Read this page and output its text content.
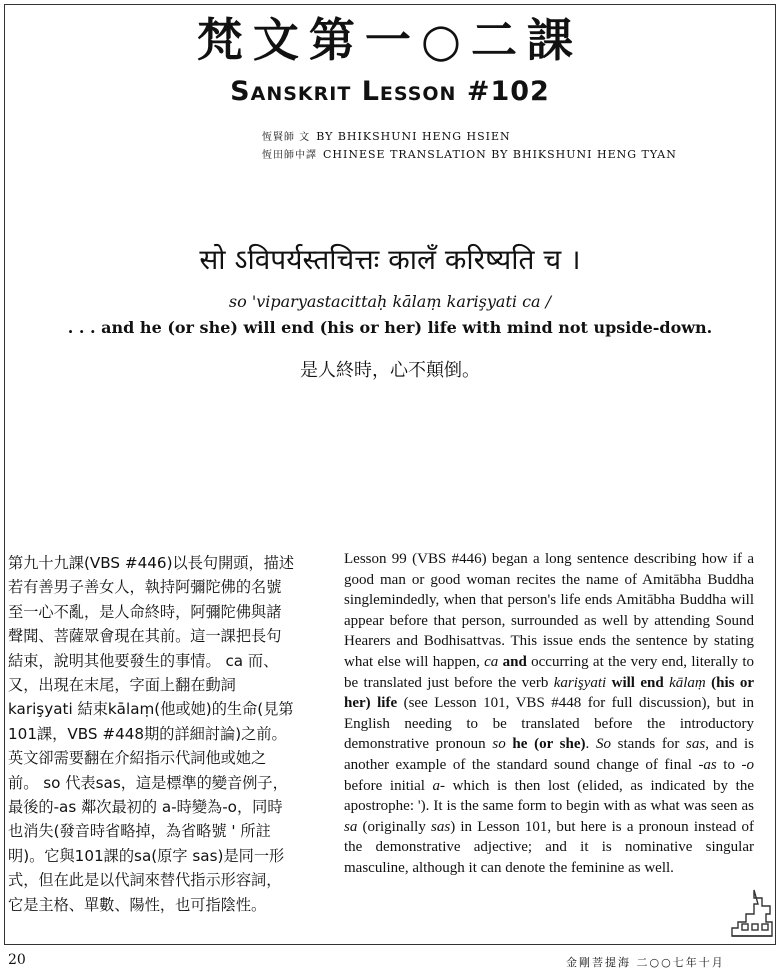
梵文第一○二課
Sanskrit Lesson #102
恆賢師 文 BY BHIKSHUNI HENG HSIEN
恆田師中譯 CHINESE TRANSLATION BY BHIKSHUNI HENG TYAN
सो ऽविपर्यस्तचित्तः कालँ करिष्यति च ।
so 'viparyastacittaḥ kālaṃ karişyati ca /
. . . and he (or she) will end (his or her) life with mind not upside-down.
是人終時，心不顛倒。
第九十九課(VBS #446)以長句開頭，描述
若有善男子善女人，執持阿彌陀佛的名號
至一心不亂，是人命終時，阿彌陀佛與諸
聲聞、菩薩眾會現在其前。這一課把長句
結束，說明其他要發生的事情。 ca 而、
又，出現在末尾，字面上翻在動詞
karişyati 結束kālaṃ(他或她)的生命(見第
101課，VBS #448期的詳細討論)之前。
英文卻需要翻在介紹指示代詞他或她之
前。 so 代表sas，這是標準的變音例子，
最後的-as 鄰次最初的 a-時變為-o，同時
也消失(發音時省略掉，為省略號 ' 所註
明)。它與101課的sa(原字 sas)是同一形
式，但在此是以代詞來替代指示形容詞，
它是主格、單數、陽性，也可指陰性。
Lesson 99 (VBS #446) began a long sentence describing how if a good man or good woman recites the name of Amitābha Buddha singlemindedly, when that person's life ends Amitābha Buddha will appear before that person, surrounded as well by attending Sound Hearers and Bodhisattvas. This issue ends the sentence by stating what else will happen, ca and occurring at the very end, literally to be translated just before the verb karişyati will end kālaṃ (his or her) life (see Lesson 101, VBS #448 for full discussion), but in English needing to be translated before the introductory demonstrative pronoun so he (or she). So stands for sas, and is another example of the standard sound change of final -as to -o before initial a- which is then lost (elided, as indicated by the apostrophe: '). It is the same form to begin with as what was seen as sa (originally sas) in Lesson 101, but here is a pronoun instead of the demonstrative adjective; and it is nominative singular masculine, although it can denote the feminine as well.
20	金剛菩提海 二○○七年十月
